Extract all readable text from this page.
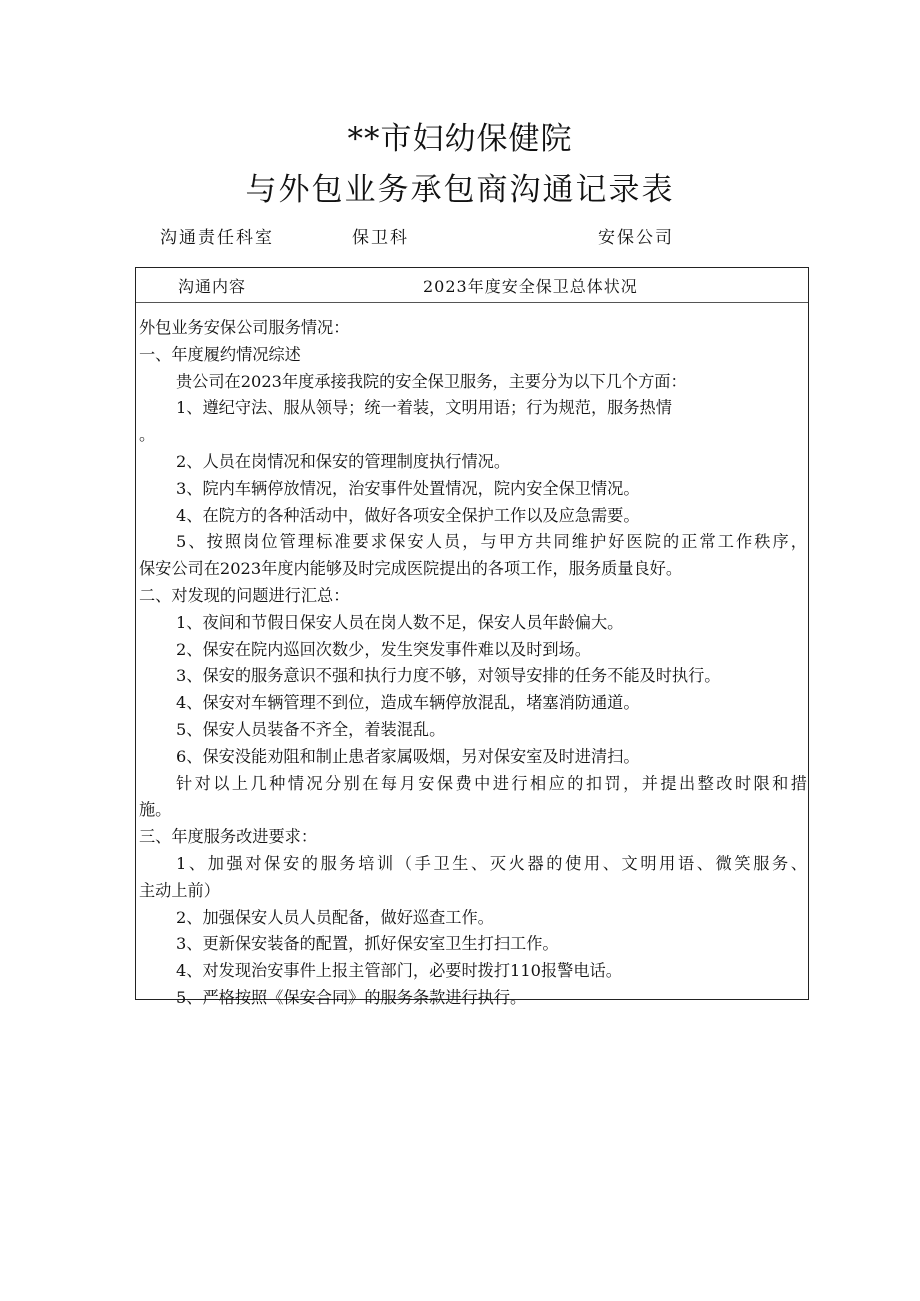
**市妇幼保健院
与外包业务承包商沟通记录表
沟通责任科室	保卫科	安保公司
沟通内容	2023年度安全保卫总体状况
外包业务安保公司服务情况：
一、年度履约情况综述
贵公司在2023年度承接我院的安全保卫服务，主要分为以下几个方面：
1、遵纪守法、服从领导；统一着装，文明用语；行为规范，服务热情
。
2、人员在岗情况和保安的管理制度执行情况。
3、院内车辆停放情况，治安事件处置情况，院内安全保卫情况。
4、在院方的各种活动中，做好各项安全保护工作以及应急需要。
5、按照岗位管理标准要求保安人员，与甲方共同维护好医院的正常工作秩序，
保安公司在2023年度内能够及时完成医院提出的各项工作，服务质量良好。
二、对发现的问题进行汇总：
1、夜间和节假日保安人员在岗人数不足，保安人员年龄偏大。
2、保安在院内巡回次数少，发生突发事件难以及时到场。
3、保安的服务意识不强和执行力度不够，对领导安排的任务不能及时执行。
4、保安对车辆管理不到位，造成车辆停放混乱，堵塞消防通道。
5、保安人员装备不齐全，着装混乱。
6、保安没能劝阻和制止患者家属吸烟，另对保安室及时进清扫。
针对以上几种情况分别在每月安保费中进行相应的扣罚，并提出整改时限和措
施。
三、年度服务改进要求：
1、加强对保安的服务培训（手卫生、灭火器的使用、文明用语、微笑服务、
主动上前）
2、加强保安人员人员配备，做好巡查工作。
3、更新保安装备的配置，抓好保安室卫生打扫工作。
4、对发现治安事件上报主管部门，必要时拨打110报警电话。
5、严格按照《保安合同》的服务条款进行执行。
